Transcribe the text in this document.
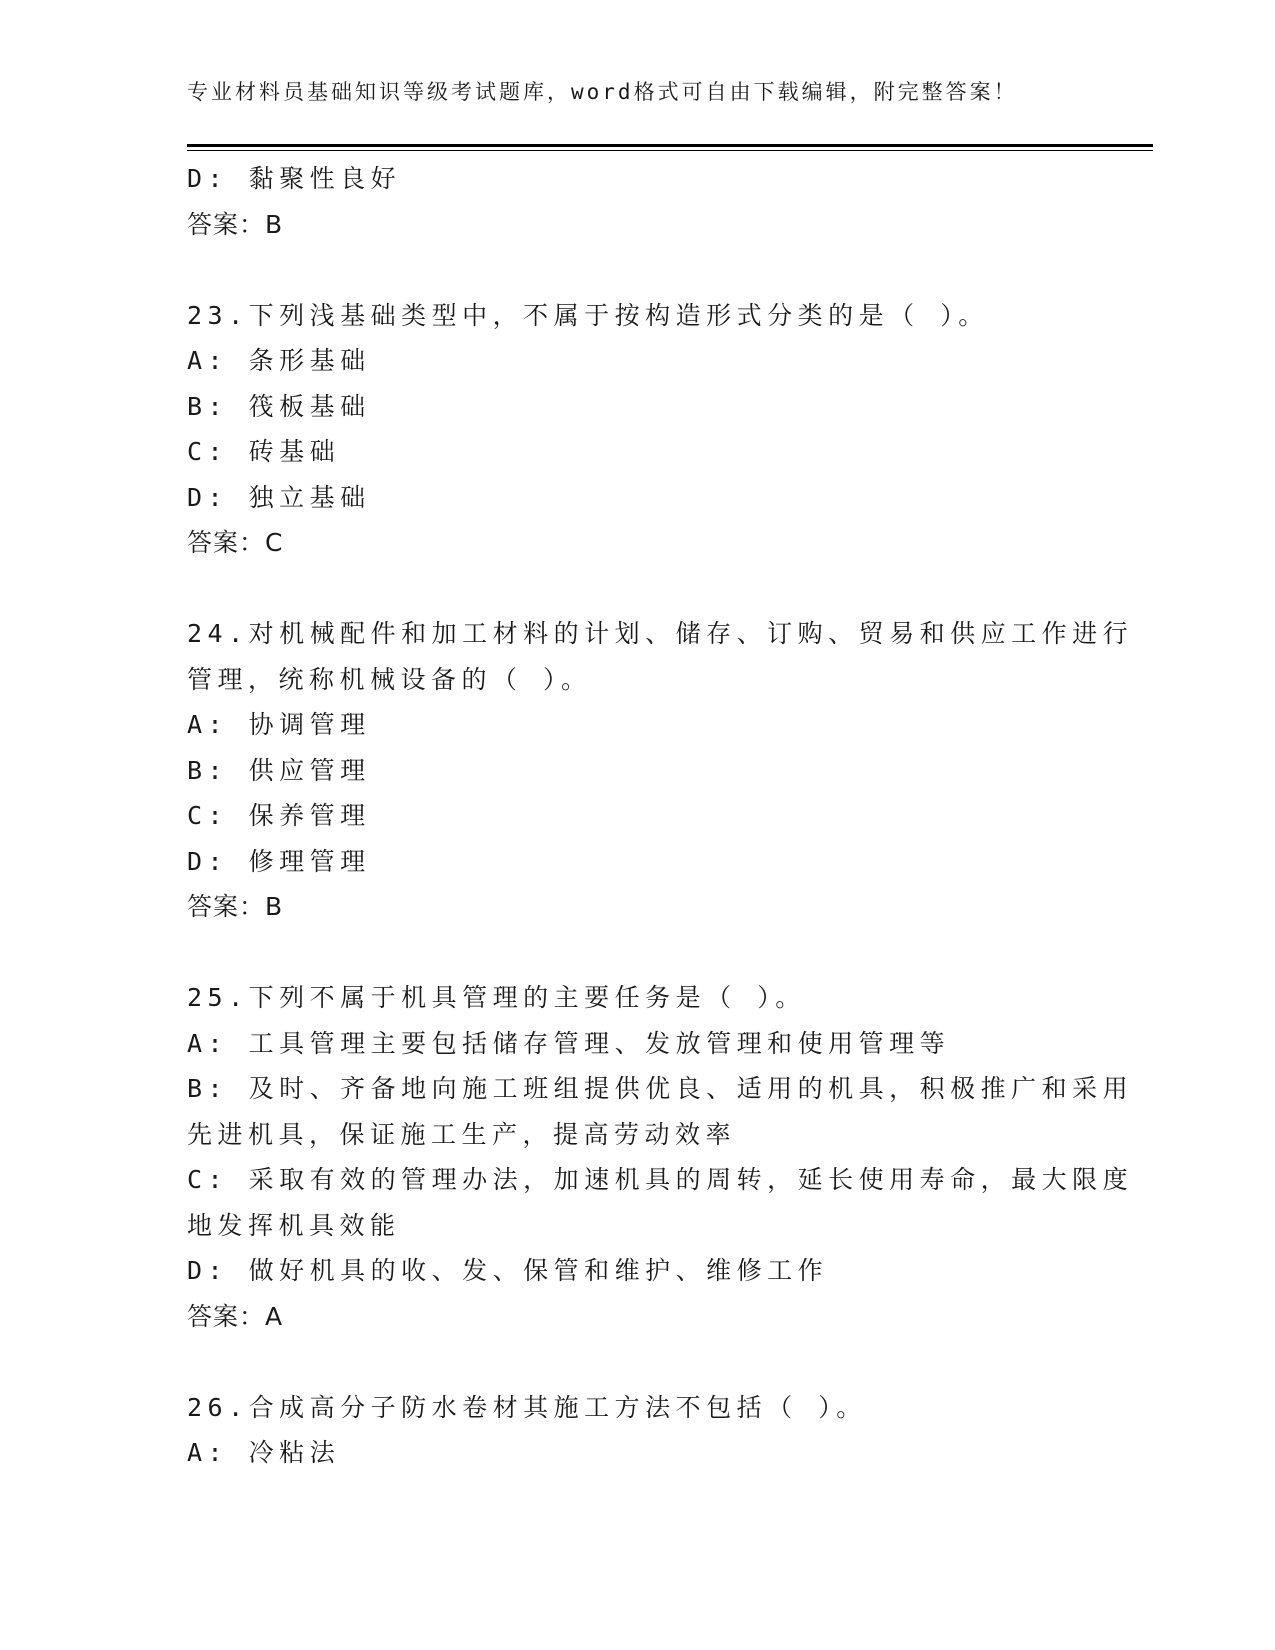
专业材料员基础知识等级考试题库，word格式可自由下载编辑，附完整答案！
D: 黏聚性良好
答案：B
23.下列浅基础类型中，不属于按构造形式分类的是（ ）。
A: 条形基础
B: 筏板基础
C: 砖基础
D: 独立基础
答案：C
24.对机械配件和加工材料的计划、储存、订购、贸易和供应工作进行
管理，统称机械设备的（ ）。
A: 协调管理
B: 供应管理
C: 保养管理
D: 修理管理
答案：B
25.下列不属于机具管理的主要任务是（ ）。
A: 工具管理主要包括储存管理、发放管理和使用管理等
B: 及时、齐备地向施工班组提供优良、适用的机具，积极推广和采用
先进机具，保证施工生产，提高劳动效率
C: 采取有效的管理办法，加速机具的周转，延长使用寿命，最大限度
地发挥机具效能
D: 做好机具的收、发、保管和维护、维修工作
答案：A
26.合成高分子防水卷材其施工方法不包括（ ）。
A: 冷粘法
